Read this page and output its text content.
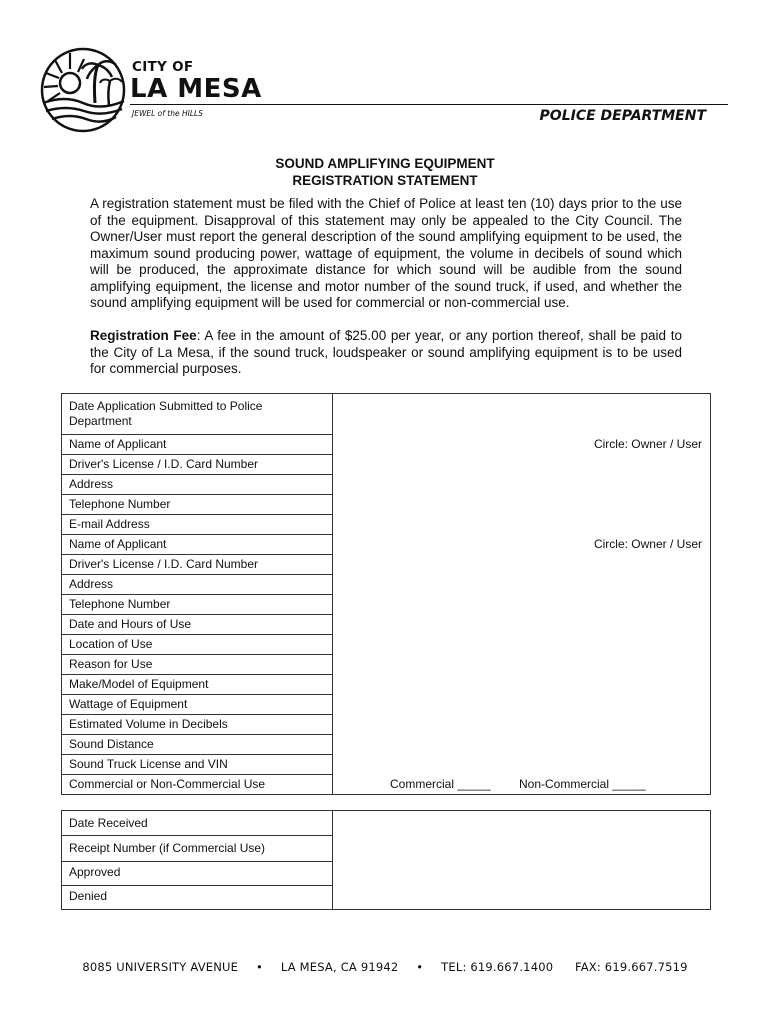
CITY OF
LA MESA
JEWEL of the HILLS	POLICE DEPARTMENT
SOUND AMPLIFYING EQUIPMENT
REGISTRATION STATEMENT
A registration statement must be filed with the Chief of Police at least ten (10) days prior to the use of the equipment. Disapproval of this statement may only be appealed to the City Council. The Owner/User must report the general description of the sound amplifying equipment to be used, the maximum sound producing power, wattage of equipment, the volume in decibels of sound which will be produced, the approximate distance for which sound will be audible from the sound amplifying equipment, the license and motor number of the sound truck, if used, and whether the sound amplifying equipment will be used for commercial or non-commercial use.
Registration Fee: A fee in the amount of $25.00 per year, or any portion thereof, shall be paid to the City of La Mesa, if the sound truck, loudspeaker or sound amplifying equipment is to be used for commercial purposes.
Date Application Submitted to Police Department
Name of Applicant	Circle: Owner / User
Driver's License / I.D. Card Number
Address
Telephone Number
E-mail Address
Name of Applicant	Circle: Owner / User
Driver's License / I.D. Card Number
Address
Telephone Number
Date and Hours of Use
Location of Use
Reason for Use
Make/Model of Equipment
Wattage of Equipment
Estimated Volume in Decibels
Sound Distance
Sound Truck License and VIN
Commercial or Non-Commercial Use	Commercial _____ Non-Commercial _____
Date Received
Receipt Number (if Commercial Use)
Approved
Denied
8085 UNIVERSITY AVENUE • LA MESA, CA 91942 • TEL: 619.667.1400 FAX: 619.667.7519
